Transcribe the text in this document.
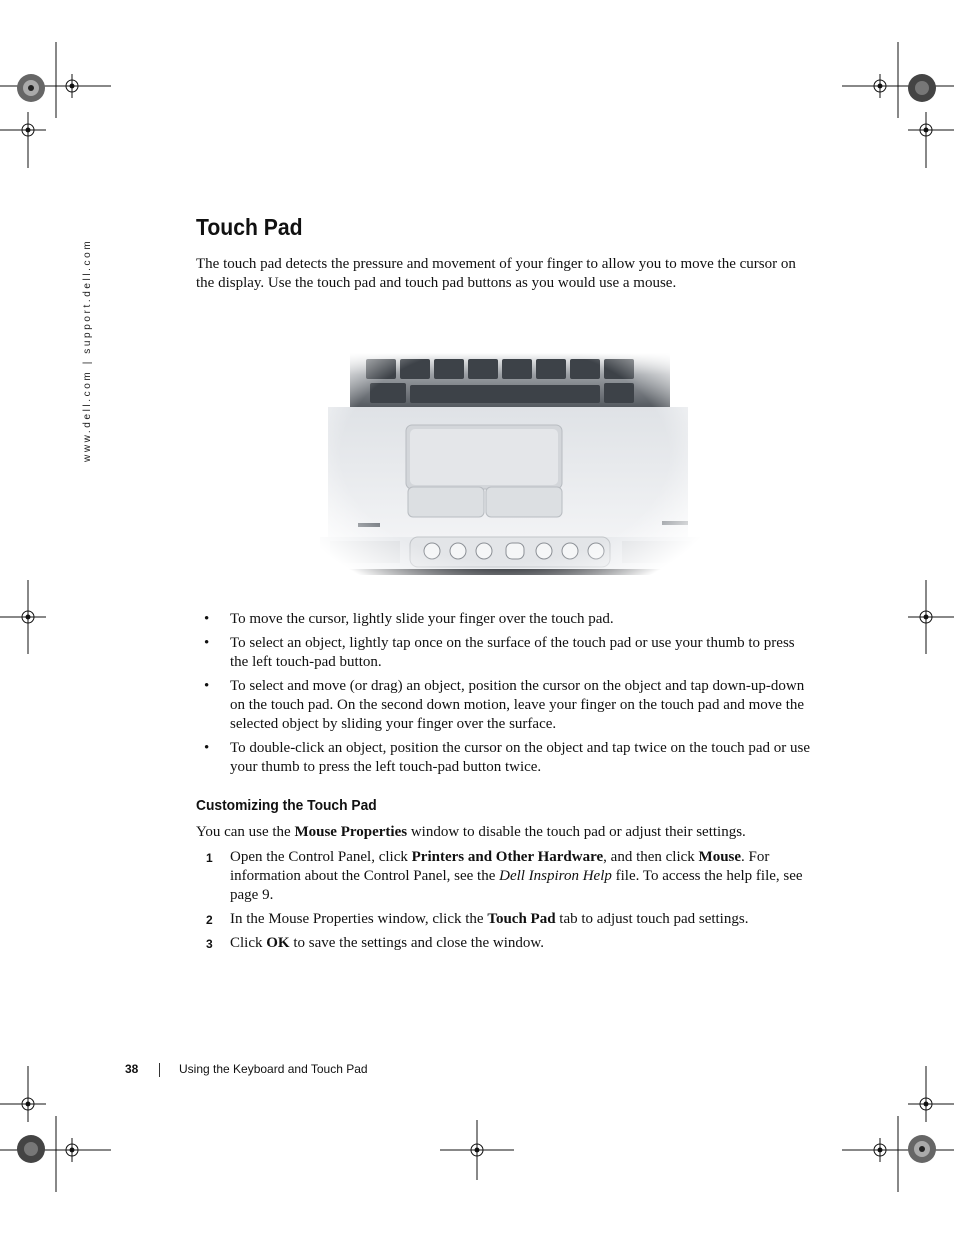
www.dell.com | support.dell.com
Touch Pad
The touch pad detects the pressure and movement of your finger to allow you to move the cursor on the display. Use the touch pad and touch pad buttons as you would use a mouse.
• To move the cursor, lightly slide your finger over the touch pad.
• To select an object, lightly tap once on the surface of the touch pad or use your thumb to press the left touch-pad button.
• To select and move (or drag) an object, position the cursor on the object and tap down-up-down on the touch pad. On the second down motion, leave your finger on the touch pad and move the selected object by sliding your finger over the surface.
• To double-click an object, position the cursor on the object and tap twice on the touch pad or use your thumb to press the left touch-pad button twice.
Customizing the Touch Pad
You can use the Mouse Properties window to disable the touch pad or adjust their settings.
1 Open the Control Panel, click Printers and Other Hardware, and then click Mouse. For information about the Control Panel, see the Dell Inspiron Help file. To access the help file, see page 9.
2 In the Mouse Properties window, click the Touch Pad tab to adjust touch pad settings.
3 Click OK to save the settings and close the window.
38	Using the Keyboard and Touch Pad
